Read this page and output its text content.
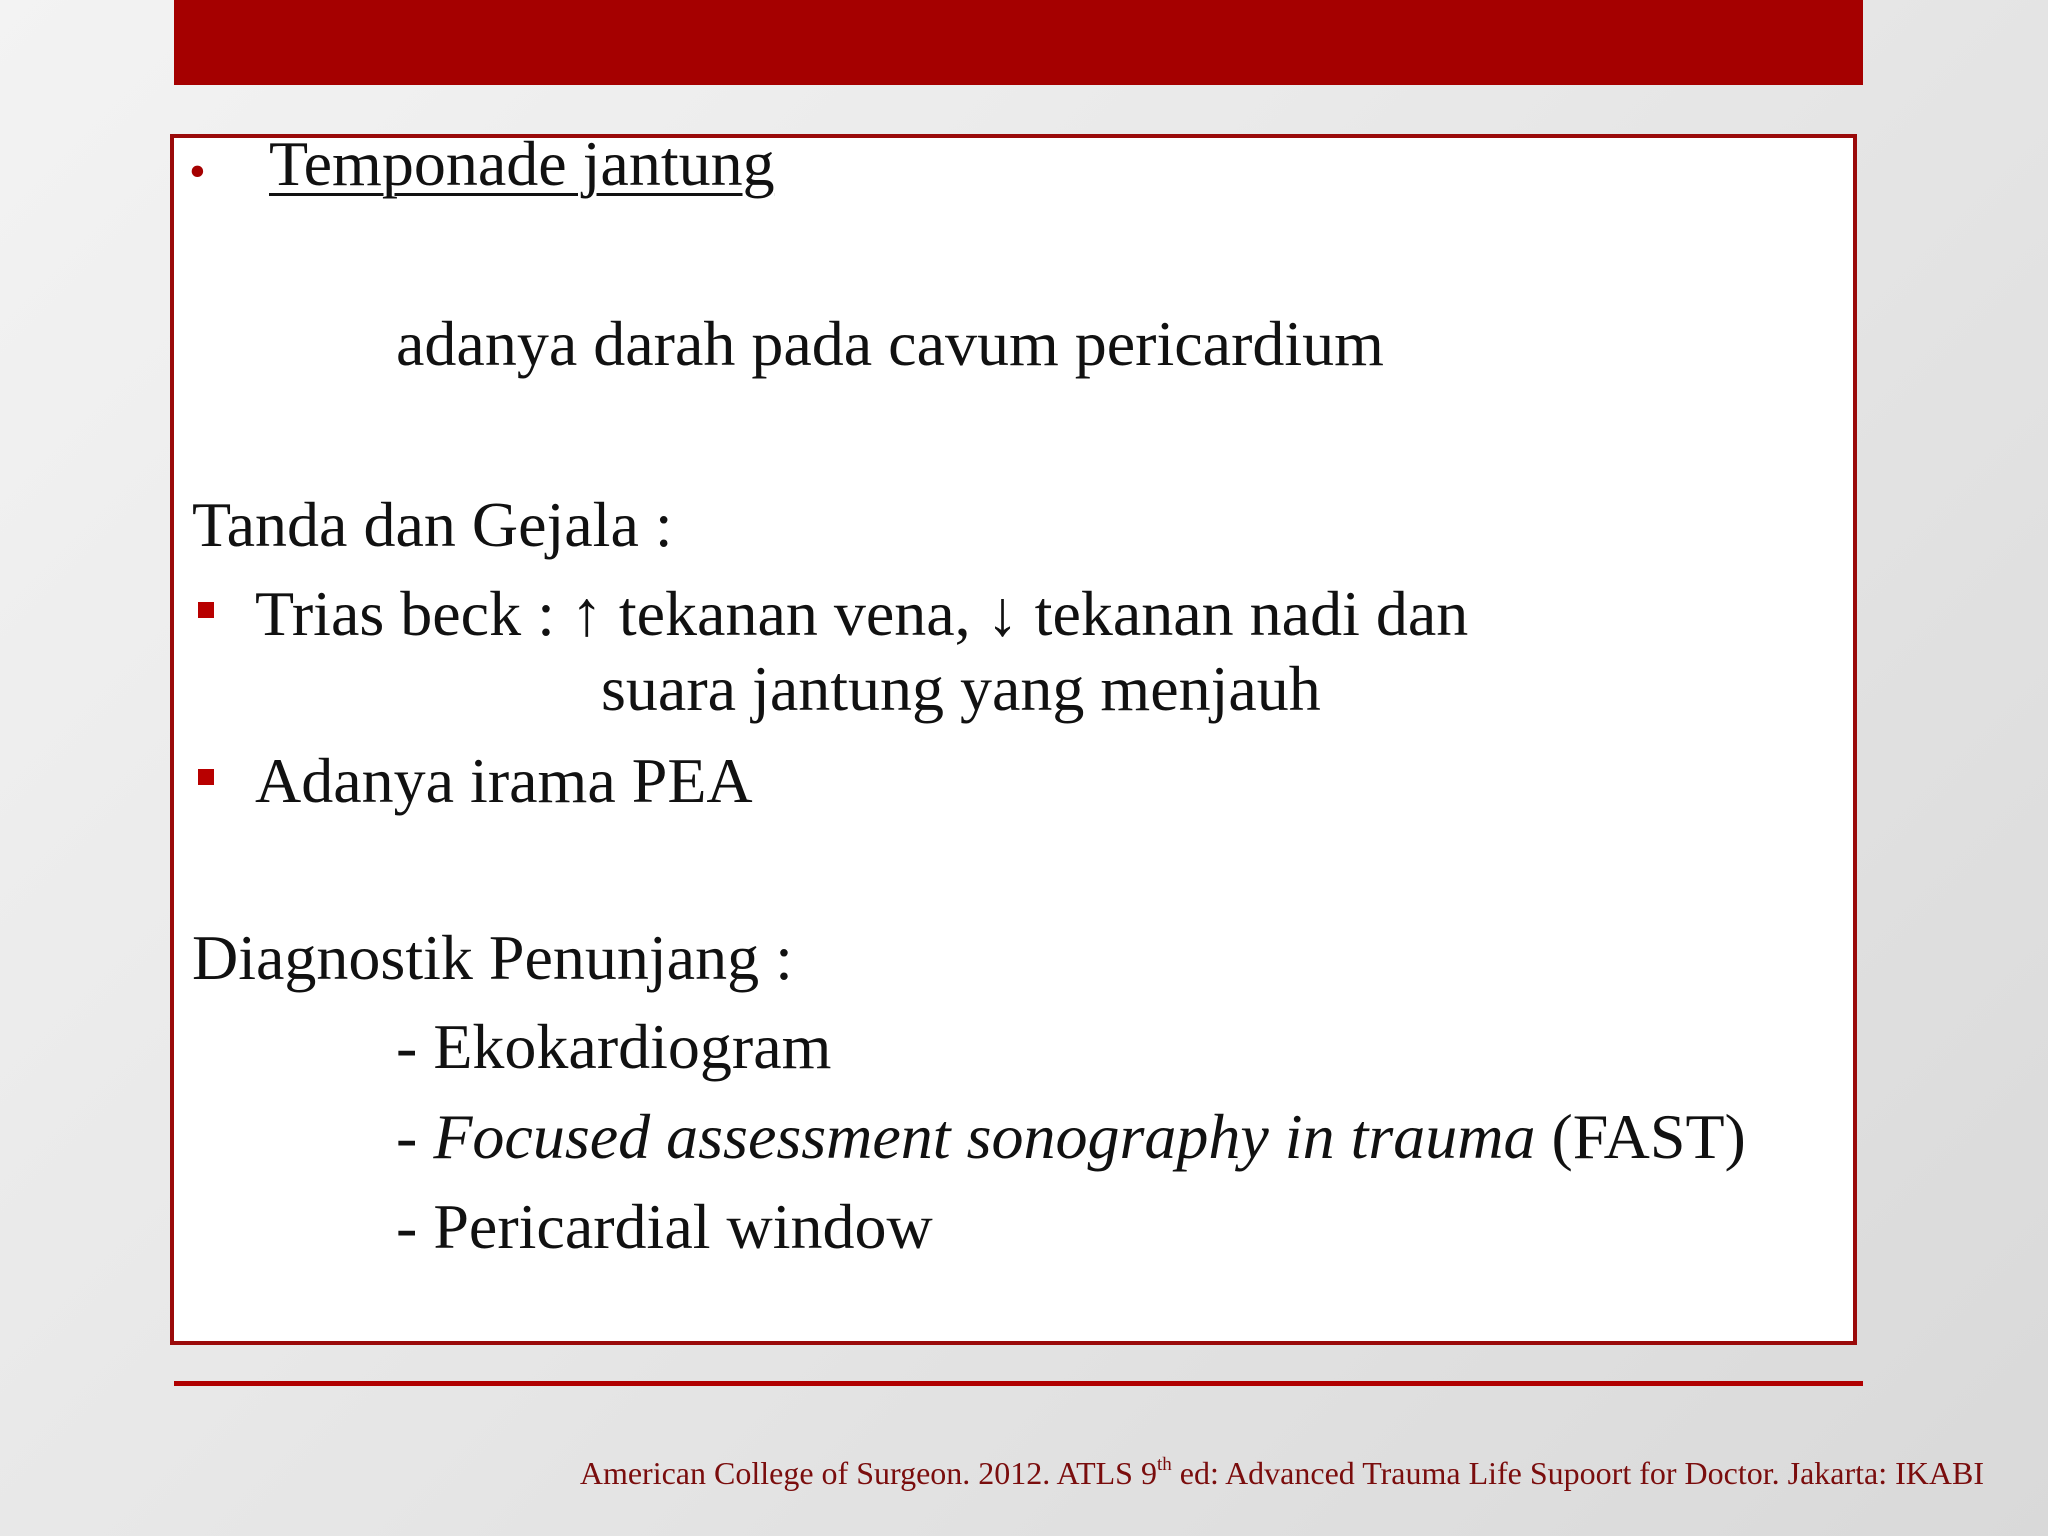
• Temponade jantung
adanya darah pada cavum pericardium
Tanda dan Gejala :
Trias beck : ↑ tekanan vena, ↓ tekanan nadi dan
suara jantung yang menjauh
Adanya irama PEA
Diagnostik Penunjang :
- Ekokardiogram
- Focused assessment sonography in trauma (FAST)
- Pericardial window
American College of Surgeon. 2012. ATLS 9th ed: Advanced Trauma Life Supoort for Doctor. Jakarta: IKABI
